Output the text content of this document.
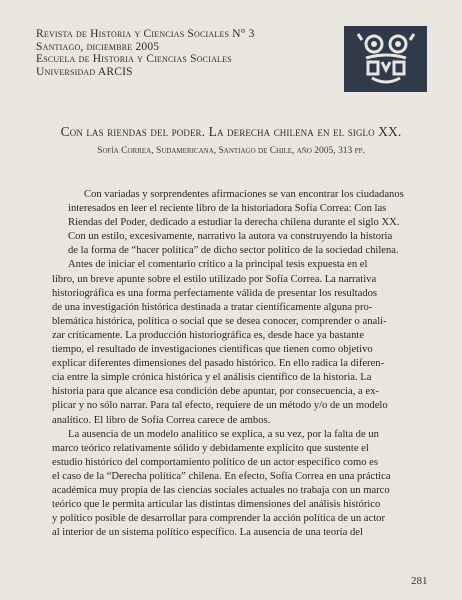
Revista de Historia y Ciencias Sociales N° 3
Santiago, diciembre 2005
Escuela de Historia y Ciencias Sociales
Universidad ARCIS
Con las riendas del poder. La derecha chilena en el siglo XX.
Sofía Correa, Sudamericana, Santiago de Chile, año 2005, 313 pp.

Con variadas y sorprendentes afirmaciones se van encontrar los ciudadanos
interesados en leer el reciente libro de la historiadora Sofía Correa: Con las
Riendas del Poder, dedicado a estudiar la derecha chilena durante el siglo XX.
Con un estilo, excesivamente, narrativo la autora va construyendo la historia
de la forma de “hacer política” de dicho sector político de la sociedad chilena.

Antes de iniciar el comentario crítico a la principal tesis expuesta en el
libro, un breve apunte sobre el estilo utilizado por Sofía Correa. La narrativa
historiográfica es una forma perfectamente válida de presentar los resultados
de una investigación histórica destinada a tratar científicamente alguna pro-
blemática histórica, política o social que se desea conocer, comprender o anali-
zar críticamente. La producción historiográfica es, desde hace ya bastante
tiempo, el resultado de investigaciones científicas que tienen como objetivo
explicar diferentes dimensiones del pasado histórico. En ello radica la diferen-
cia entre la simple crónica histórica y el análisis científico de la historia. La
historia para que alcance esa condición debe apuntar, por consecuencia, a ex-
plicar y no sólo narrar. Para tal efecto, requiere de un método y/o de un modelo
analítico. El libro de Sofía Correa carece de ambos.

La ausencia de un modelo analítico se explica, a su vez, por la falta de un
marco teórico relativamente sólido y debidamente explícito que sustente el
estudio histórico del comportamiento político de un actor específico como es
el caso de la “Derecha política” chilena. En efecto, Sofía Correa en una práctica
académica muy propia de las ciencias sociales actuales no trabaja con un marco
teórico que le permita articular las distintas dimensiones del análisis histórico
y político posible de desarrollar para comprender la acción política de un actor
al interior de un sistema político específico. La ausencia de una teoría del

281
